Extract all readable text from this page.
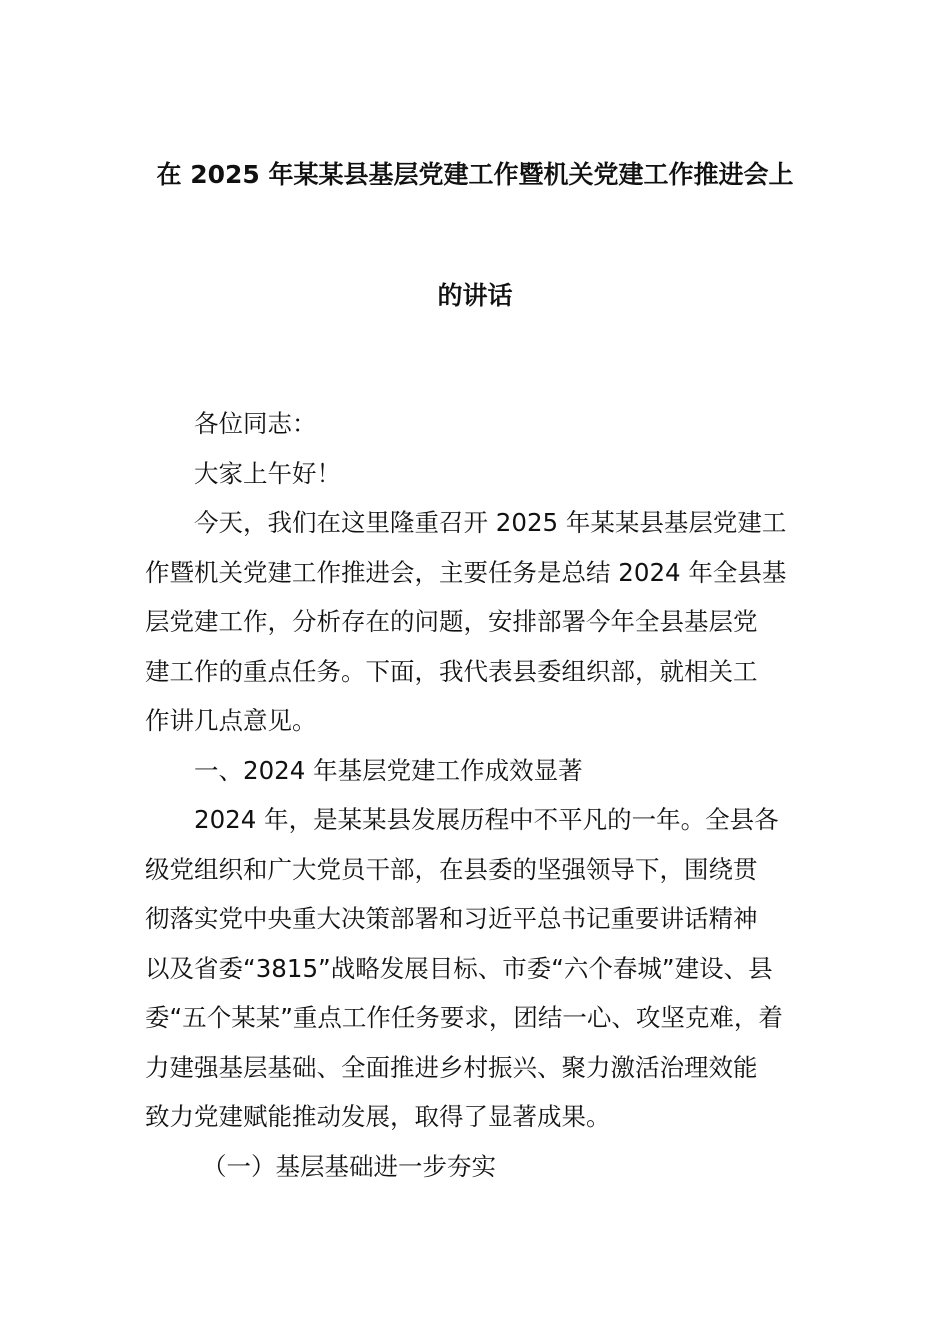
在 2025 年某某县基层党建工作暨机关党建工作推进会上
的讲话
各位同志：
大家上午好！
今天，我们在这里隆重召开 2025 年某某县基层党建工
作暨机关党建工作推进会，主要任务是总结 2024 年全县基
层党建工作，分析存在的问题，安排部署今年全县基层党
建工作的重点任务。下面，我代表县委组织部，就相关工
作讲几点意见。
一、2024 年基层党建工作成效显著
2024 年，是某某县发展历程中不平凡的一年。全县各
级党组织和广大党员干部，在县委的坚强领导下，围绕贯
彻落实党中央重大决策部署和习近平总书记重要讲话精神
以及省委“3815”战略发展目标、市委“六个春城”建设、县
委“五个某某”重点工作任务要求，团结一心、攻坚克难，着
力建强基层基础、全面推进乡村振兴、聚力激活治理效能
致力党建赋能推动发展，取得了显著成果。
（一）基层基础进一步夯实
